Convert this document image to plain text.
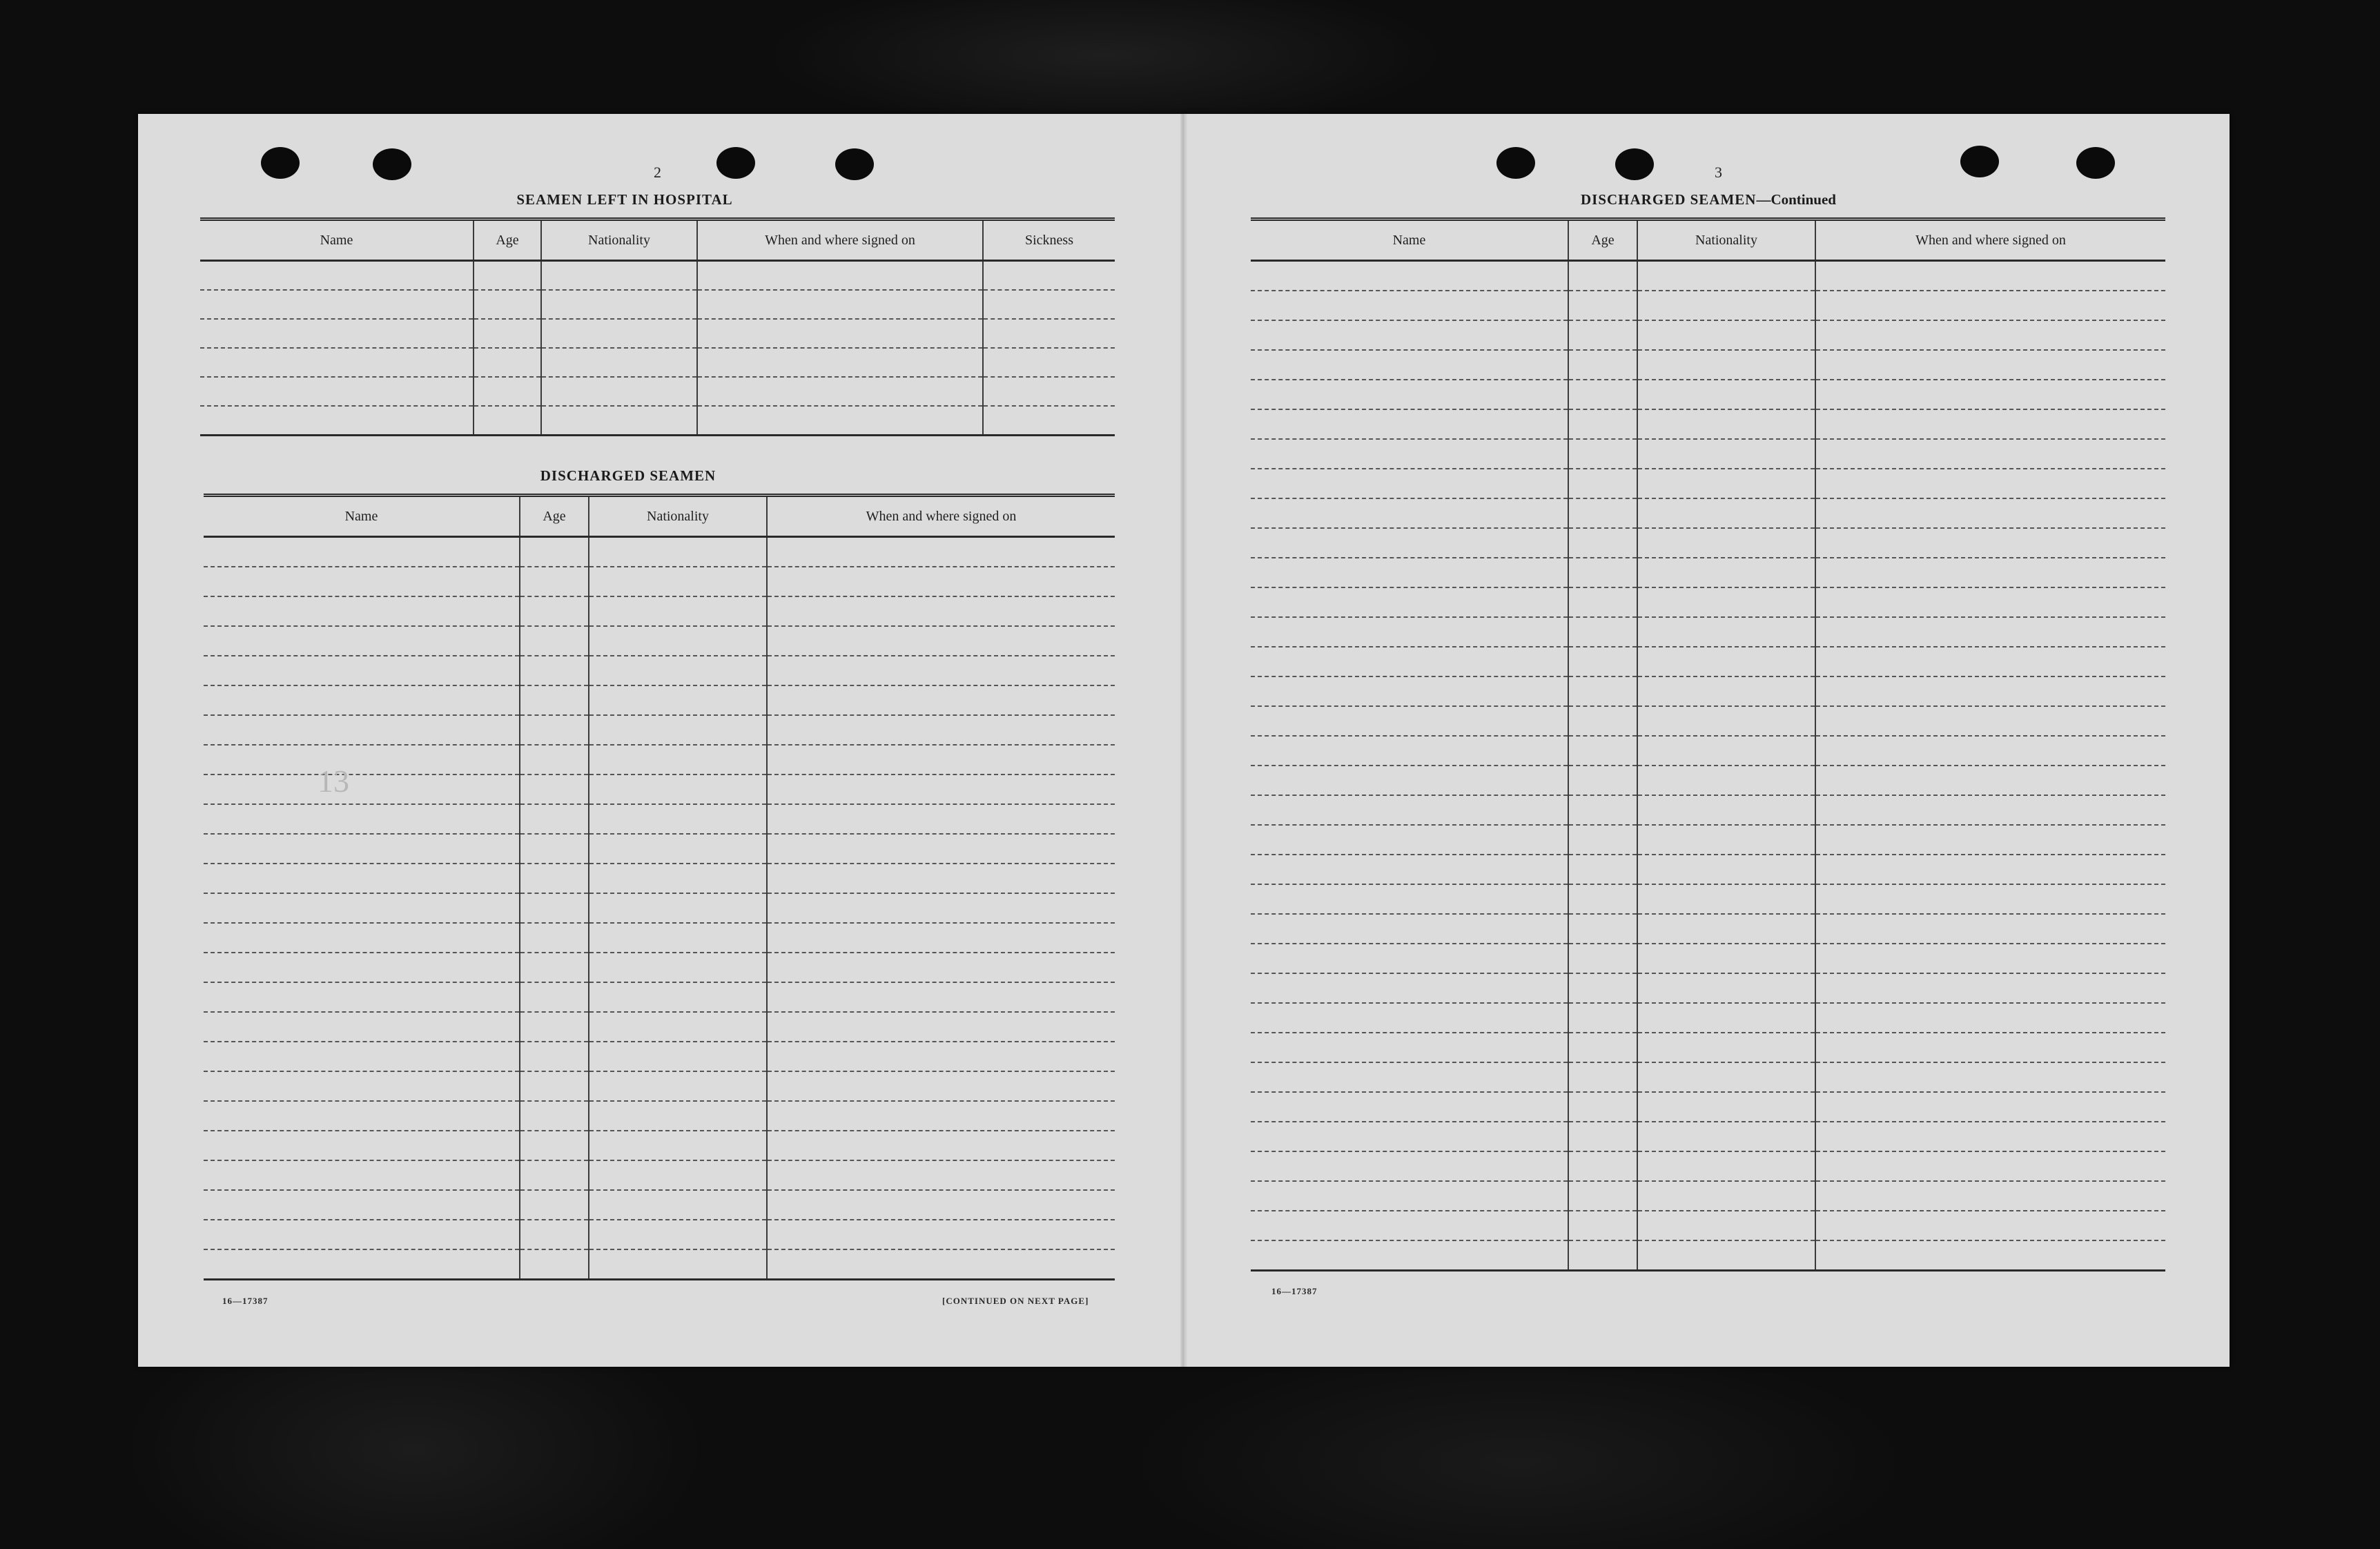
2
SEAMEN LEFT IN HOSPITAL
Name	Age	Nationality	When and where signed on	Sickness

DISCHARGED SEAMEN
Name	Age	Nationality	When and where signed on

13
16—17387	[CONTINUED ON NEXT PAGE]
3
DISCHARGED SEAMEN—Continued
Name	Age	Nationality	When and where signed on

16—17387
